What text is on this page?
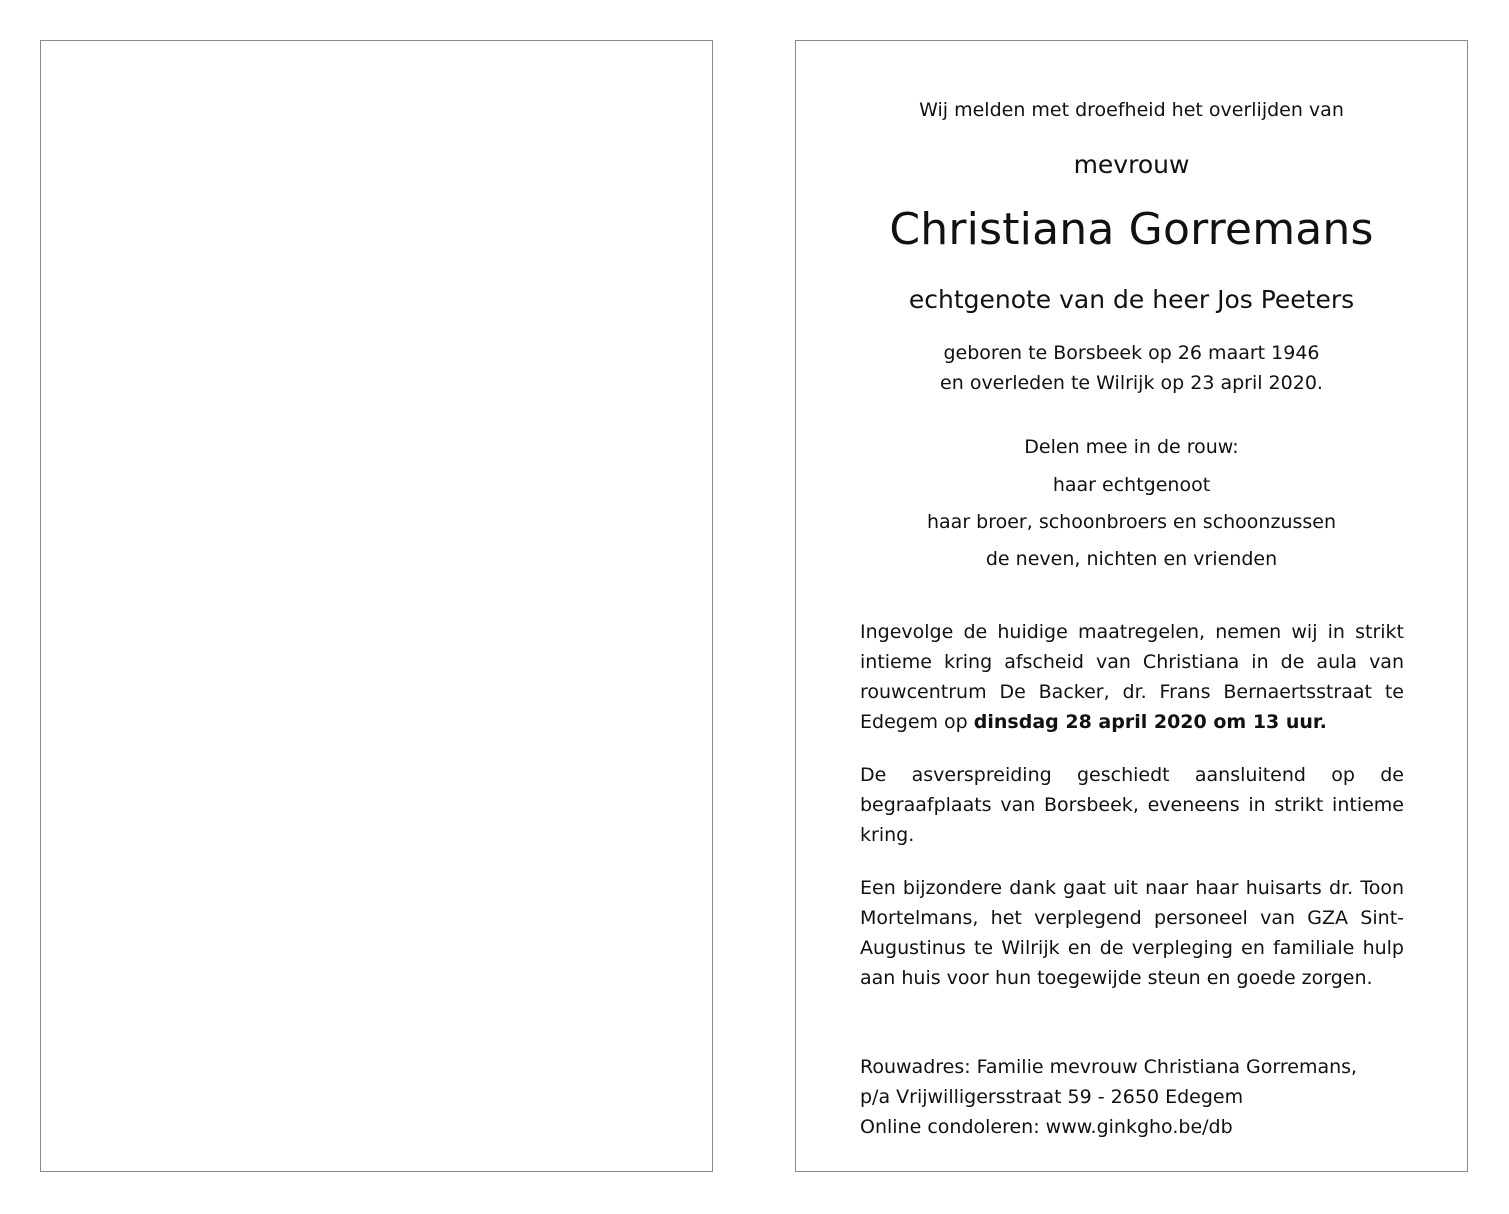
Wij melden met droefheid het overlijden van
mevrouw
Christiana Gorremans
echtgenote van de heer Jos Peeters
geboren te Borsbeek op 26 maart 1946
en overleden te Wilrijk op 23 april 2020.
Delen mee in de rouw:
haar echtgenoot
haar broer, schoonbroers en schoonzussen
de neven, nichten en vrienden
Ingevolge de huidige maatregelen, nemen wij in strikt intieme kring afscheid van Christiana in de aula van rouwcentrum De Backer, dr. Frans Bernaertsstraat te Edegem op dinsdag 28 april 2020 om 13 uur.
De asverspreiding geschiedt aansluitend op de begraafplaats van Borsbeek, eveneens in strikt intieme kring.
Een bijzondere dank gaat uit naar haar huisarts dr. Toon Mortelmans, het verplegend personeel van GZA Sint-Augustinus te Wilrijk en de verpleging en familiale hulp aan huis voor hun toegewijde steun en goede zorgen.
Rouwadres: Familie mevrouw Christiana Gorremans,
p/a Vrijwilligersstraat 59 - 2650 Edegem
Online condoleren: www.ginkgho.be/db
